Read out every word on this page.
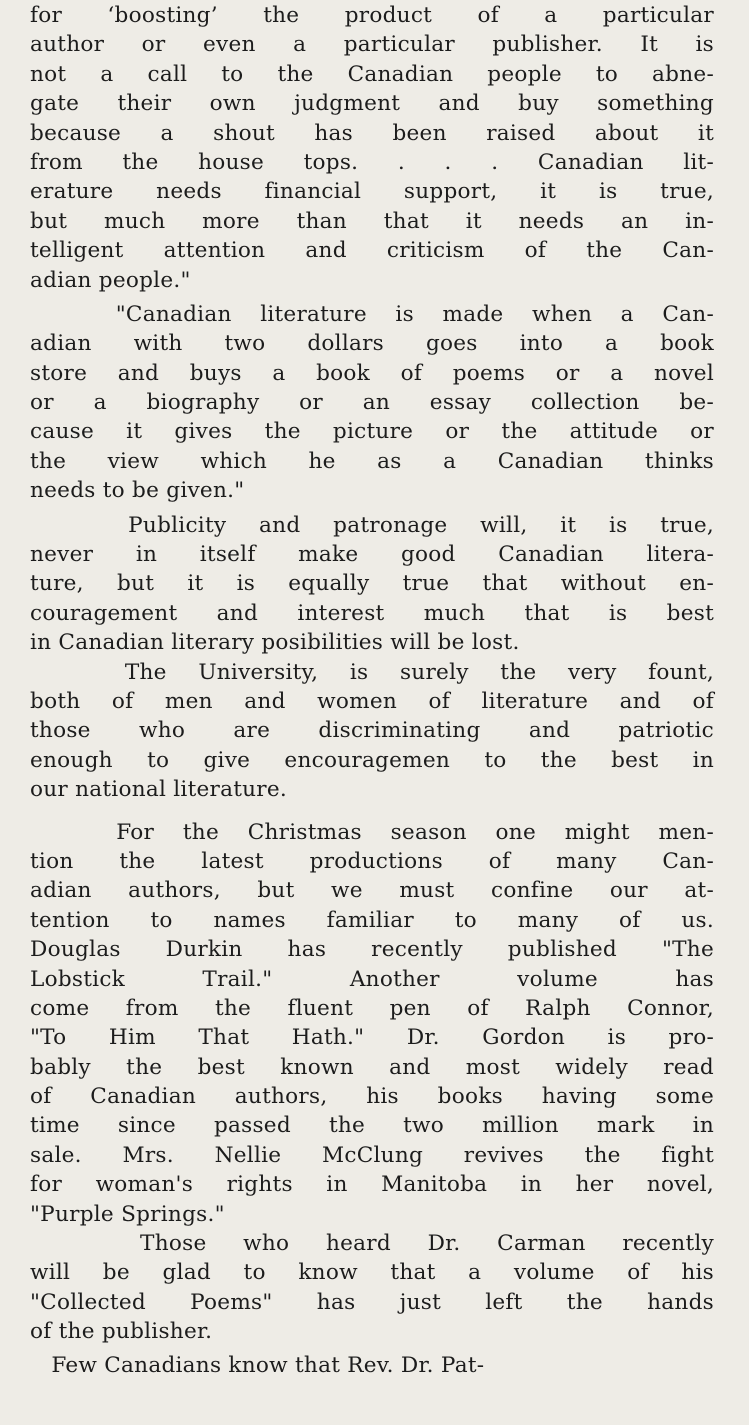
for ‘boosting’ the product of a particular
author or even a particular publisher. It is
not a call to the Canadian people to abne-
gate their own judgment and buy something
because a shout has been raised about it
from the house tops. . . . Canadian lit-
erature needs financial support, it is true,
but much more than that it needs an in-
telligent attention and criticism of the Can-
adian people."

"Canadian literature is made when a Can-
adian with two dollars goes into a book
store and buys a book of poems or a novel
or a biography or an essay collection be-
cause it gives the picture or the attitude or
the view which he as a Canadian thinks
needs to be given."

Publicity and patronage will, it is true,
never in itself make good Canadian litera-
ture, but it is equally true that without en-
couragement and interest much that is best
in Canadian literary posibilities will be lost.

The University, is surely the very fount,
both of men and women of literature and of
those who are discriminating and patriotic
enough to give encouragemen to the best in
our national literature.

For the Christmas season one might men-
tion the latest productions of many Can-
adian authors, but we must confine our at-
tention to names familiar to many of us.
Douglas Durkin has recently published "The
Lobstick Trail." Another volume has
come from the fluent pen of Ralph Connor,
"To Him That Hath." Dr. Gordon is pro-
bably the best known and most widely read
of Canadian authors, his books having some
time since passed the two million mark in
sale. Mrs. Nellie McClung revives the fight
for woman's rights in Manitoba in her novel,
"Purple Springs."

Those who heard Dr. Carman recently
will be glad to know that a volume of his
"Collected Poems" has just left the hands
of the publisher.

Few Canadians know that Rev. Dr. Pat-
